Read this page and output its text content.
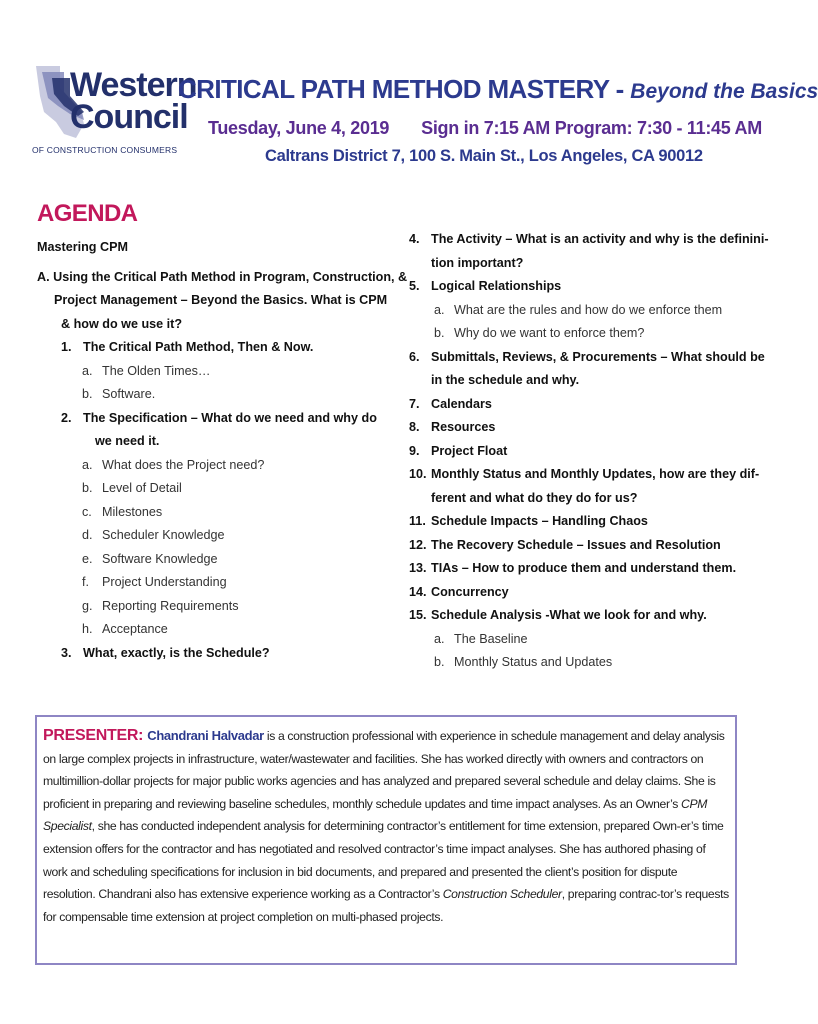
Western
Council
OF CONSTRUCTION CONSUMERS
CRITICAL PATH METHOD MASTERY - Beyond the Basics
Tuesday, June 4, 2019 Sign in 7:15 AM Program: 7:30 - 11:45 AM
Caltrans District 7, 100 S. Main St., Los Angeles, CA 90012
AGENDA
Mastering CPM
A. Using the Critical Path Method in Program, Construction, &
Project Management – Beyond the Basics. What is CPM
& how do we use it?
1. The Critical Path Method, Then & Now.
a. The Olden Times…
b. Software.
2. The Specification – What do we need and why do
we need it.
a. What does the Project need?
b. Level of Detail
c. Milestones
d. Scheduler Knowledge
e. Software Knowledge
f. Project Understanding
g. Reporting Requirements
h. Acceptance
3. What, exactly, is the Schedule?
4. The Activity – What is an activity and why is the definini-
tion important?
5. Logical Relationships
a. What are the rules and how do we enforce them
b. Why do we want to enforce them?
6. Submittals, Reviews, & Procurements – What should be
in the schedule and why.
7. Calendars
8. Resources
9. Project Float
10. Monthly Status and Monthly Updates, how are they dif-
ferent and what do they do for us?
11. Schedule Impacts – Handling Chaos
12. The Recovery Schedule – Issues and Resolution
13. TIAs – How to produce them and understand them.
14. Concurrency
15. Schedule Analysis -What we look for and why.
a. The Baseline
b. Monthly Status and Updates
PRESENTER: Chandrani Halvadar is a construction professional with experience in schedule management and delay analysis on large complex projects in infrastructure, water/wastewater and facilities. She has worked directly with owners and contractors on multimillion-dollar projects for major public works agencies and has analyzed and prepared several schedule and delay claims. She is proficient in preparing and reviewing baseline schedules, monthly schedule updates and time impact analyses. As an Owner’s CPM Specialist, she has conducted independent analysis for determining contractor’s entitlement for time extension, prepared Own-er’s time extension offers for the contractor and has negotiated and resolved contractor’s time impact analyses. She has authored phasing of work and scheduling specifications for inclusion in bid documents, and prepared and presented the client’s position for dispute resolution. Chandrani also has extensive experience working as a Contractor’s Construction Scheduler, preparing contrac-tor’s requests for compensable time extension at project completion on multi-phased projects.
